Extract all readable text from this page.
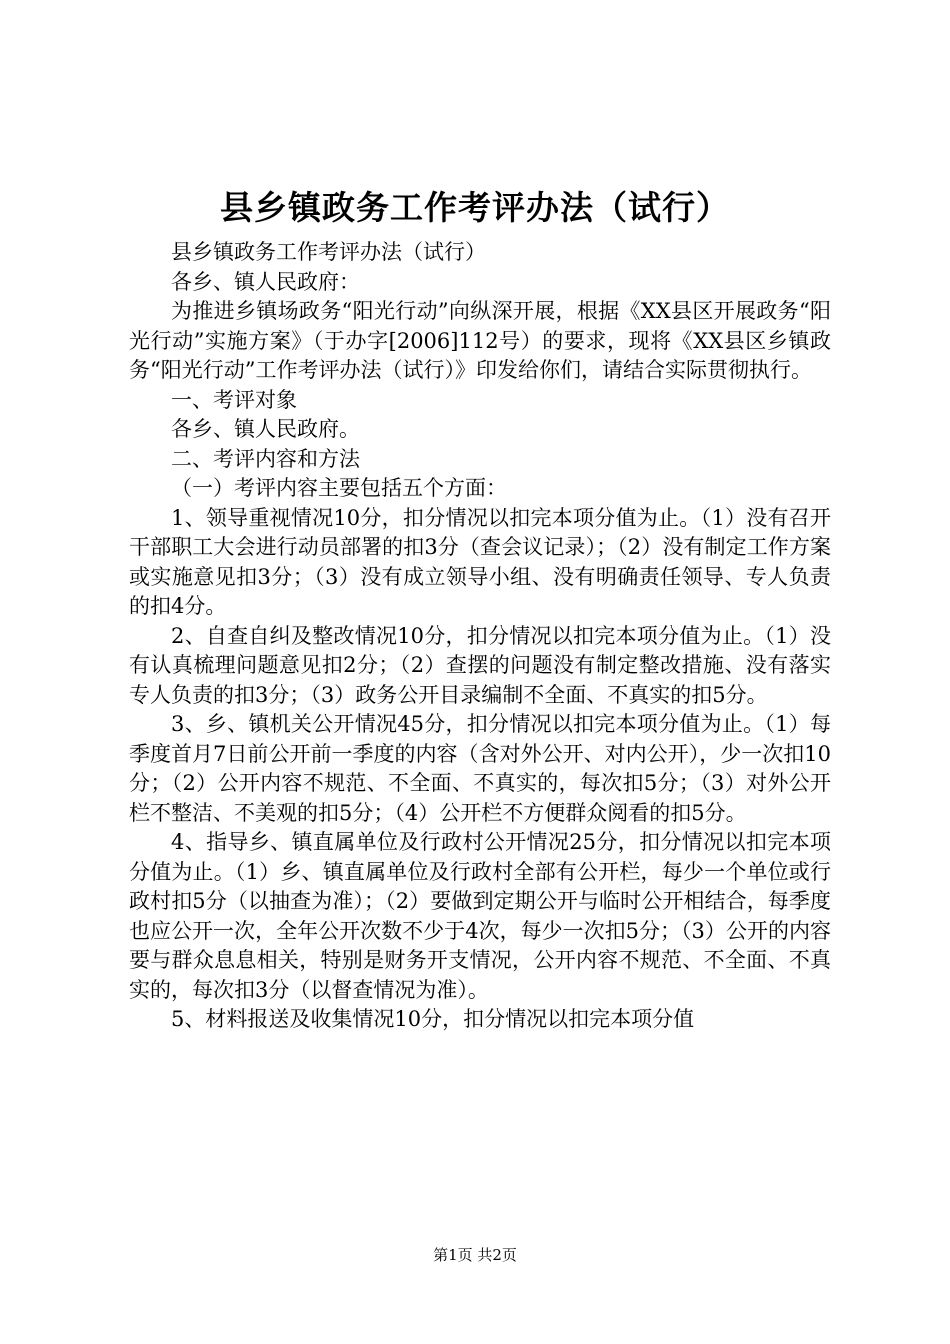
县乡镇政务工作考评办法（试行）

县乡镇政务工作考评办法（试行）

各乡、镇人民政府：

为推进乡镇场政务“阳光行动”向纵深开展，根据《XX县区开展政务“阳光行动”实施方案》（于办字[2006]112号）的要求，现将《XX县区乡镇政务“阳光行动”工作考评办法（试行）》印发给你们，请结合实际贯彻执行。

一、考评对象

各乡、镇人民政府。

二、考评内容和方法

（一）考评内容主要包括五个方面：

1、领导重视情况10分，扣分情况以扣完本项分值为止。（1）没有召开干部职工大会进行动员部署的扣3分（查会议记录）；（2）没有制定工作方案或实施意见扣3分；（3）没有成立领导小组、没有明确责任领导、专人负责的扣4分。

2、自查自纠及整改情况10分，扣分情况以扣完本项分值为止。（1）没有认真梳理问题意见扣2分；（2）查摆的问题没有制定整改措施、没有落实专人负责的扣3分；（3）政务公开目录编制不全面、不真实的扣5分。

3、乡、镇机关公开情况45分，扣分情况以扣完本项分值为止。（1）每季度首月7日前公开前一季度的内容（含对外公开、对内公开），少一次扣10分；（2）公开内容不规范、不全面、不真实的，每次扣5分；（3）对外公开栏不整洁、不美观的扣5分；（4）公开栏不方便群众阅看的扣5分。

4、指导乡、镇直属单位及行政村公开情况25分，扣分情况以扣完本项分值为止。（1）乡、镇直属单位及行政村全部有公开栏，每少一个单位或行政村扣5分（以抽查为准）；（2）要做到定期公开与临时公开相结合，每季度也应公开一次，全年公开次数不少于4次，每少一次扣5分；（3）公开的内容要与群众息息相关，特别是财务开支情况，公开内容不规范、不全面、不真实的，每次扣3分（以督查情况为准）。

5、材料报送及收集情况10分，扣分情况以扣完本项分值

第1页 共2页
